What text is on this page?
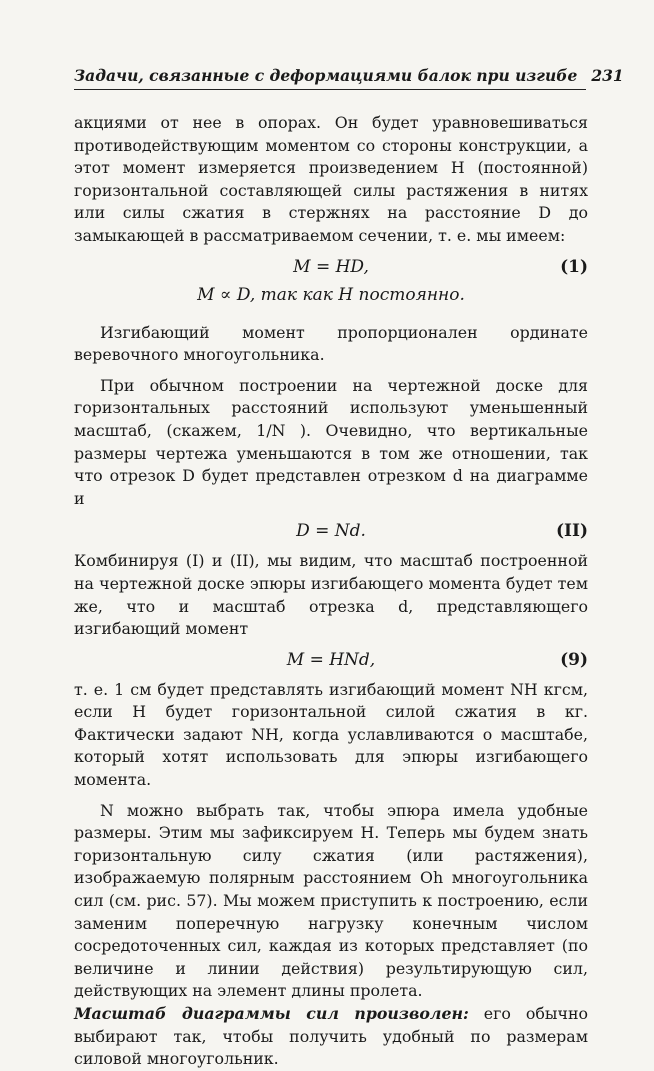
Задачи, связанные с деформациями балок при изгибе 231

акциями от нее в опорах. Он будет уравновешиваться противодействующим моментом со стороны конструкции, а этот момент измеряется произведением H (постоянной) горизонтальной составляющей силы растяжения в нитях или силы сжатия в стержнях на расстояние D до замыкающей в рассматриваемом сечении, т. е. мы имеем:

M = HD,	(1)
M ∝ D, так как H постоянно.

Изгибающий момент пропорционален ординате веревочного многоугольника.

При обычном построении на чертежной доске для горизонтальных расстояний используют уменьшенный масштаб, (скажем, 1/N ). Очевидно, что вертикальные размеры чертежа уменьшаются в том же отношении, так что отрезок D будет представлен отрезком d на диаграмме и

D = Nd.	(II)

Комбинируя (I) и (II), мы видим, что масштаб построенной на чертежной доске эпюры изгибающего момента будет тем же, что и масштаб отрезка d, представляющего изгибающий момент

M = HNd,	(9)

т. е. 1 см будет представлять изгибающий момент NH кгсм, если H будет горизонтальной силой сжатия в кг. Фактически задают NH, когда уславливаются о масштабе, который хотят использовать для эпюры изгибающего момента.

N можно выбрать так, чтобы эпюра имела удобные размеры. Этим мы зафиксируем H. Теперь мы будем знать горизонтальную силу сжатия (или растяжения), изображаемую полярным расстоянием Oh многоугольника сил (см. рис. 57). Мы можем приступить к построению, если заменим поперечную нагрузку конечным числом сосредоточенных сил, каждая из которых представляет (по величине и линии действия) результирующую сил, действующих на элемент длины пролета.

Масштаб диаграммы сил произволен: его обычно выбирают так, чтобы получить удобный по размерам силовой многоугольник.
